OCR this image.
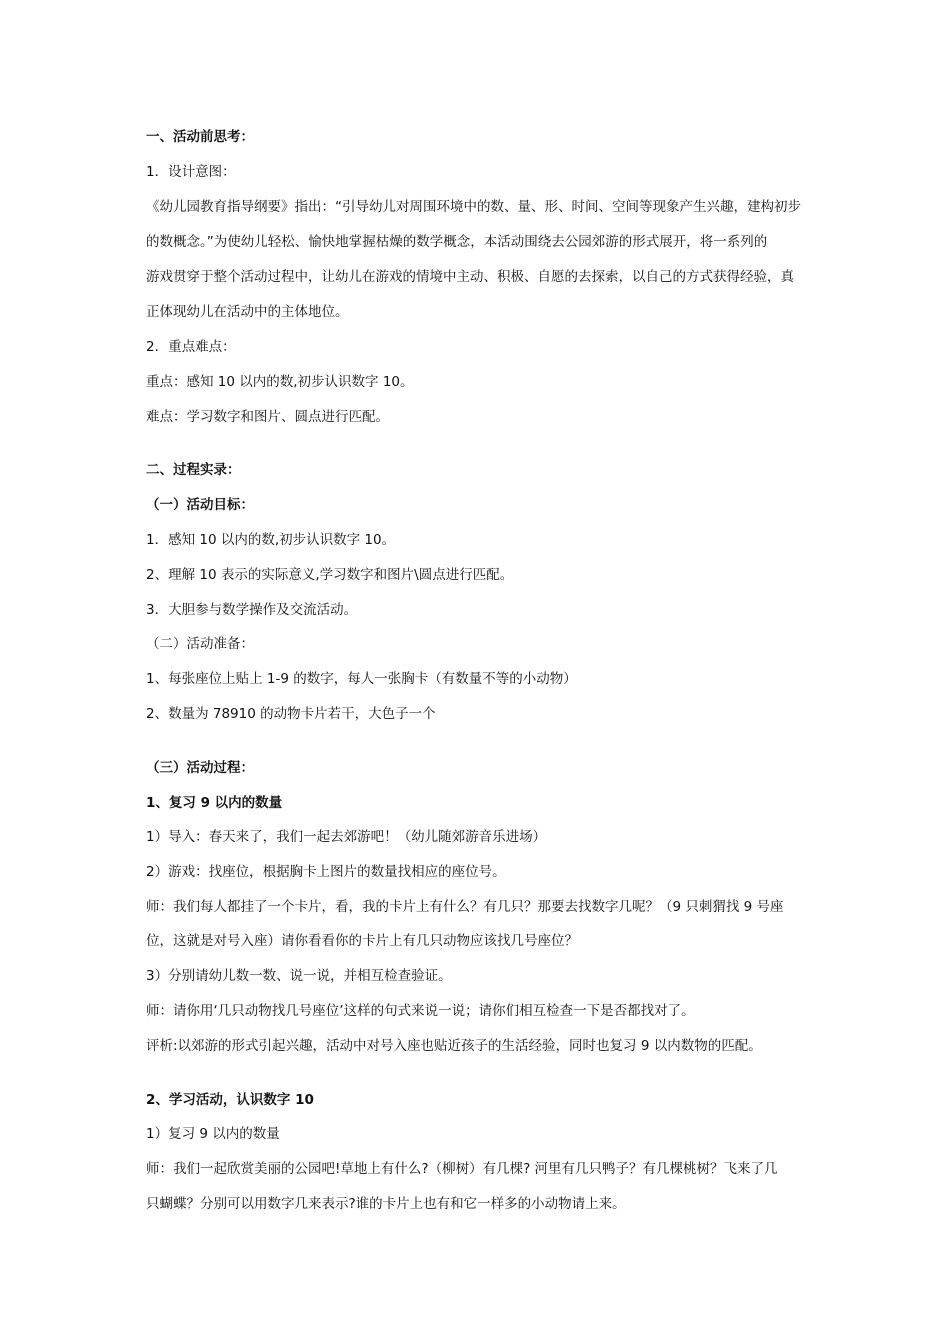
一、活动前思考：
1．设计意图：
《幼儿园教育指导纲要》指出：“引导幼儿对周围环境中的数、量、形、时间、空间等现象产生兴趣，建构初步
的数概念。”为使幼儿轻松、愉快地掌握枯燥的数学概念，本活动围绕去公园郊游的形式展开，将一系列的
游戏贯穿于整个活动过程中，让幼儿在游戏的情境中主动、积极、自愿的去探索，以自己的方式获得经验，真
正体现幼儿在活动中的主体地位。
2．重点难点：
重点：感知 10 以内的数,初步认识数字 10。
难点：学习数字和图片、圆点进行匹配。
二、过程实录：
（一）活动目标：
1．感知 10 以内的数,初步认识数字 10。
2、理解 10 表示的实际意义,学习数字和图片\圆点进行匹配。
3．大胆参与数学操作及交流活动。
（二）活动准备：
1、每张座位上贴上 1-9 的数字，每人一张胸卡（有数量不等的小动物）
2、数量为 78910 的动物卡片若干，大色子一个
（三）活动过程：
1、复习 9 以内的数量
1）导入：春天来了，我们一起去郊游吧！（幼儿随郊游音乐进场）
2）游戏：找座位，根据胸卡上图片的数量找相应的座位号。
师：我们每人都挂了一个卡片，看，我的卡片上有什么？有几只？那要去找数字几呢？（9 只刺猬找 9 号座
位，这就是对号入座）请你看看你的卡片上有几只动物应该找几号座位？
3）分别请幼儿数一数、说一说，并相互检查验证。
师：请你用‘几只动物找几号座位’这样的句式来说一说；请你们相互检查一下是否都找对了。
评析:以郊游的形式引起兴趣，活动中对号入座也贴近孩子的生活经验，同时也复习 9 以内数物的匹配。
2、学习活动，认识数字 10
1）复习 9 以内的数量
师：我们一起欣赏美丽的公园吧!草地上有什么?（柳树）有几棵? 河里有几只鸭子？有几棵桃树？飞来了几
只蝴蝶？分别可以用数字几来表示?谁的卡片上也有和它一样多的小动物请上来。
